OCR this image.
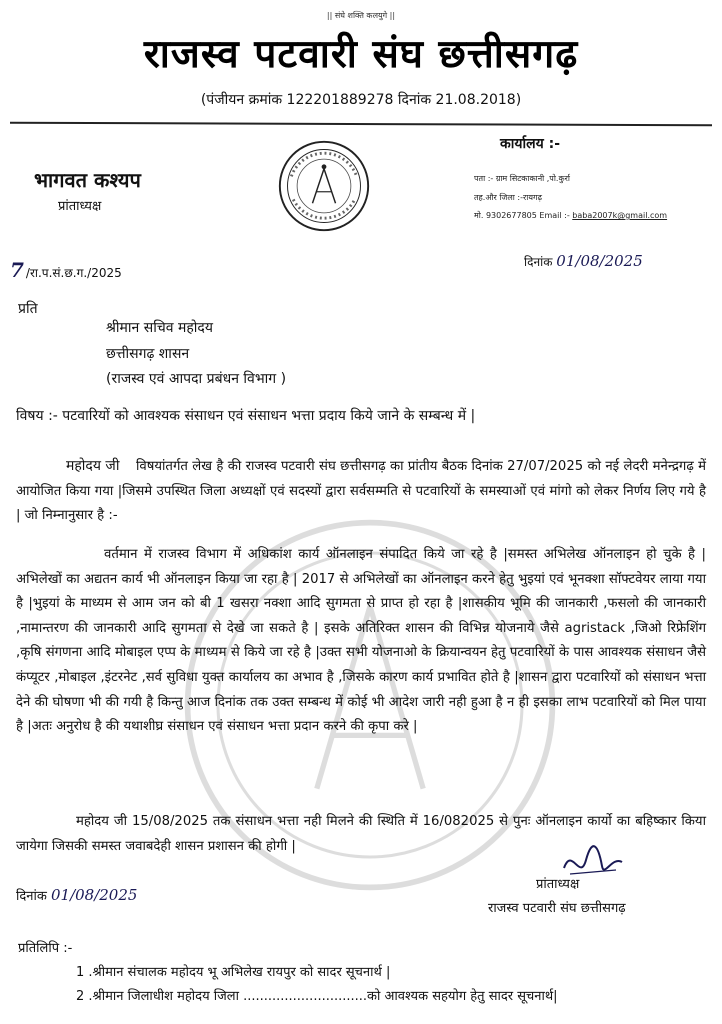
|| संघे शक्ति कलयुगे ||
राजस्व पटवारी संघ छत्तीसगढ़
(पंजीयन क्रमांक 122201889278 दिनांक 21.08.2018)
भागवत कश्यप
प्रांताध्यक्ष
कार्यालय :-
पता :- ग्राम सिटकाकानी ,पो.कुर्रा
तह.और जिला :-रायगढ़
मो. 9302677805 Email :- baba2007k@gmail.com
7 /रा.प.सं.छ.ग./2025
दिनांक 01/08/2025
प्रति
श्रीमान सचिव महोदय
छत्तीसगढ़ शासन
(राजस्व एवं आपदा प्रबंधन विभाग )
विषय :- पटवारियों को आवश्यक संसाधन एवं संसाधन भत्ता प्रदाय किये जाने के सम्बन्ध में |
महोदय जी	विषयांतर्गत लेख है की राजस्व पटवारी संघ छत्तीसगढ़ का प्रांतीय बैठक दिनांक 27/07/2025 को नई लेदरी मनेन्द्रगढ़ में आयोजित किया गया |जिसमे उपस्थित जिला अध्यक्षों एवं सदस्यों द्वारा सर्वसम्मति से पटवारियों के समस्याओं एवं मांगो को लेकर निर्णय लिए गये है | जो निम्नानुसार है :-
वर्तमान में राजस्व विभाग में अधिकांश कार्य ऑनलाइन संपादित किये जा रहे है |समस्त अभिलेख ऑनलाइन हो चुके है |अभिलेखों का अद्यतन कार्य भी ऑनलाइन किया जा रहा है | 2017 से अभिलेखों का ऑनलाइन करने हेतु भुइयां एवं भूनक्शा सॉफ्टवेयर लाया गया है |भुइयां के माध्यम से आम जन को बी 1 खसरा नक्शा आदि सुगमता से प्राप्त हो रहा है |शासकीय भूमि की जानकारी ,फसलो की जानकारी ,नामान्तरण की जानकारी आदि सुगमता से देखे जा सकते है | इसके अतिरिक्त शासन की विभिन्न योजनाये जैसे agristack ,जिओ रिफ्रेशिंग ,कृषि संगणना आदि मोबाइल एप्प के माध्यम से किये जा रहे है |उक्त सभी योजनाओ के क्रियान्वयन हेतु पटवारियों के पास आवश्यक संसाधन जैसे कंप्यूटर ,मोबाइल ,इंटरनेट ,सर्व सुविधा युक्त कार्यालय का अभाव है ,जिसके कारण कार्य प्रभावित होते है |शासन द्वारा पटवारियों को संसाधन भत्ता देने की घोषणा भी की गयी है किन्तु आज दिनांक तक उक्त सम्बन्ध में कोई भी आदेश जारी नही हुआ है न ही इसका लाभ पटवारियों को मिल पाया है |अतः अनुरोध है की यथाशीघ्र संसाधन एवं संसाधन भत्ता प्रदान करने की कृपा करे |
महोदय जी 15/08/2025 तक संसाधन भत्ता नही मिलने की स्थिति में 16/082025 से पुनः ऑनलाइन कार्यो का बहिष्कार किया जायेगा जिसकी समस्त जवाबदेही शासन प्रशासन की होगी |
दिनांक 01/08/2025
प्रांताध्यक्ष
राजस्व पटवारी संघ छत्तीसगढ़
प्रतिलिपि :-
1 .श्रीमान संचालक महोदय भू अभिलेख रायपुर को सादर सूचनार्थ |
2 .श्रीमान जिलाधीश महोदय जिला ..............................को आवश्यक सहयोग हेतु सादर सूचनार्थ|
